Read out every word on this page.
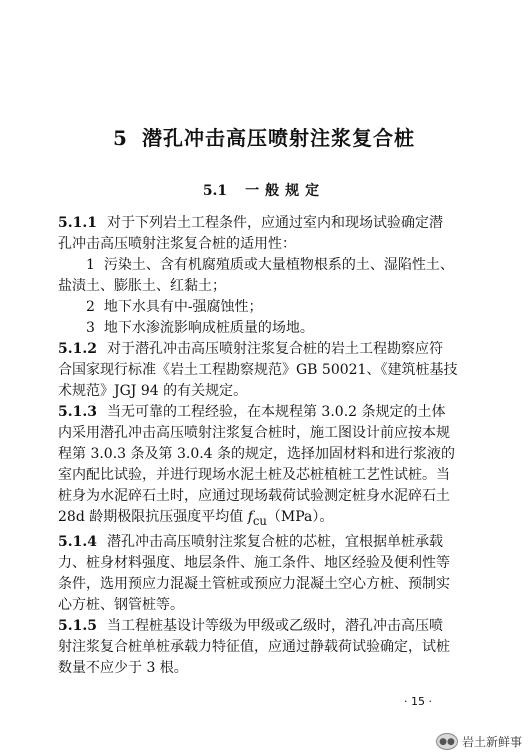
5 潜孔冲击高压喷射注浆复合桩
5.1 一般规定

5.1.1 对于下列岩土工程条件，应通过室内和现场试验确定潜

孔冲击高压喷射注浆复合桩的适用性：

1 污染土、含有机腐殖质或大量植物根系的土、湿陷性土、

盐渍土、膨胀土、红黏土；

2 地下水具有中-强腐蚀性；

3 地下水渗流影响成桩质量的场地。

5.1.2 对于潜孔冲击高压喷射注浆复合桩的岩土工程勘察应符

合国家现行标准《岩土工程勘察规范》GB 50021、《建筑桩基技

术规范》JGJ 94 的有关规定。

5.1.3 当无可靠的工程经验，在本规程第 3.0.2 条规定的土体

内采用潜孔冲击高压喷射注浆复合桩时，施工图设计前应按本规

程第 3.0.3 条及第 3.0.4 条的规定，选择加固材料和进行浆液的

室内配比试验，并进行现场水泥土桩及芯桩植桩工艺性试桩。当

桩身为水泥碎石土时，应通过现场载荷试验测定桩身水泥碎石土

28d 龄期极限抗压强度平均值 $f_{cu}(MPa)$。

5.1.4 潜孔冲击高压喷射注浆复合桩的芯桩，宜根据单桩承载

力、桩身材料强度、地层条件、施工条件、地区经验及便利性等

条件，选用预应力混凝土管桩或预应力混凝土空心方桩、预制实

心方桩、钢管桩等。

5.1.5 当工程桩基设计等级为甲级或乙级时，潜孔冲击高压喷

射注浆复合桩单桩承载力特征值，应通过静载荷试验确定，试桩

数量不应少于 3 根。

· 15 ·
●● 岩土新鲜事
